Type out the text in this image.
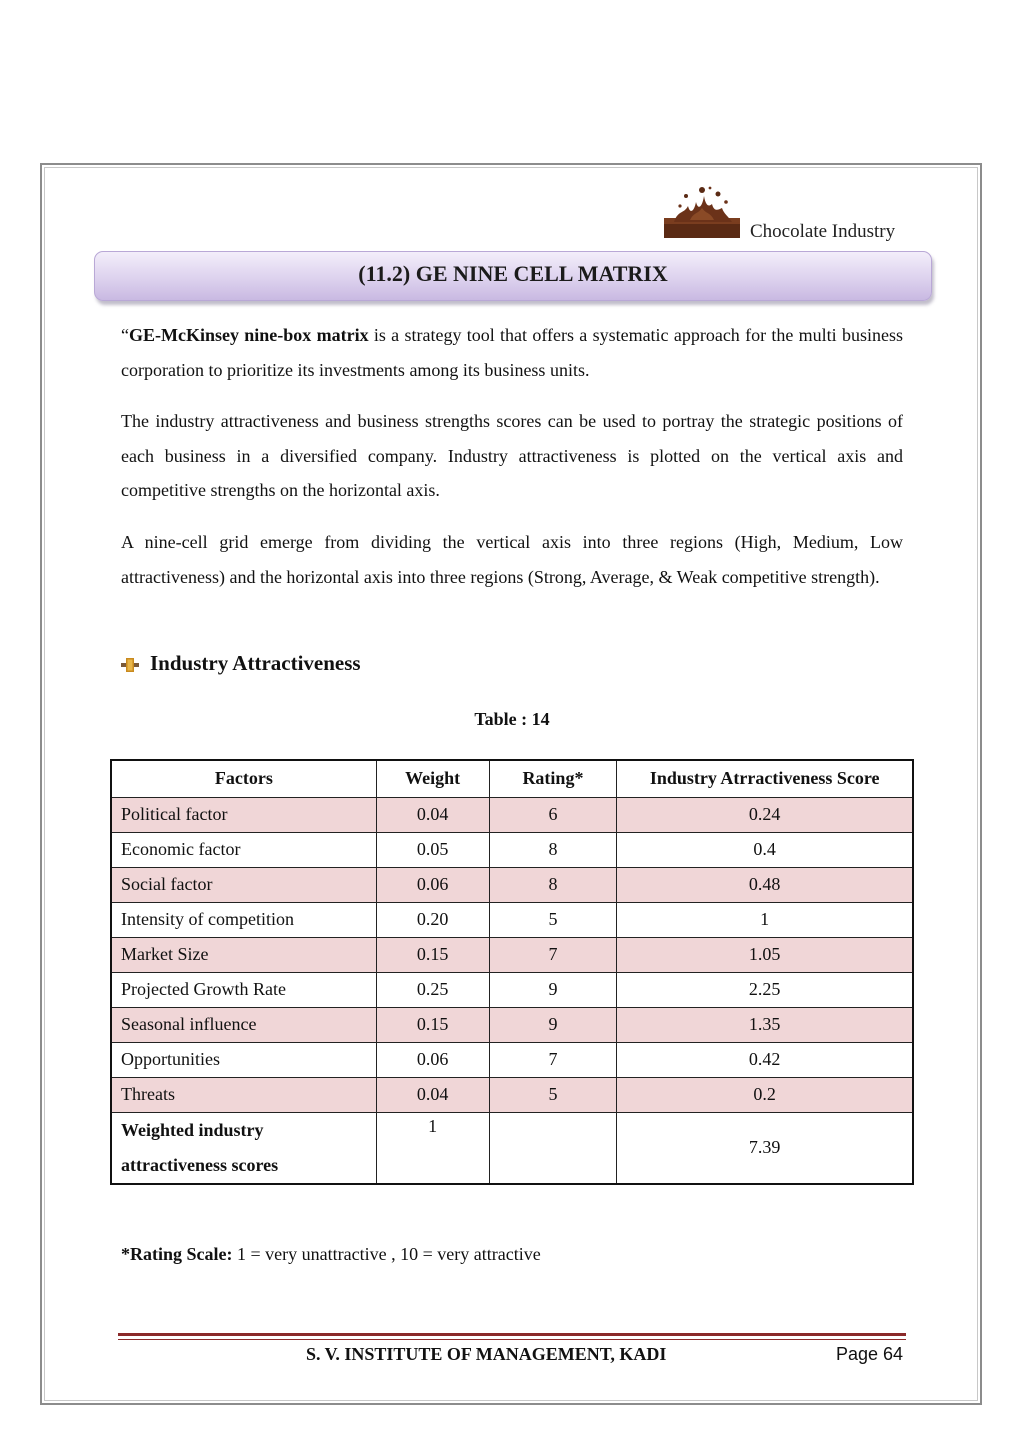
Chocolate Industry
(11.2) GE NINE CELL MATRIX

“GE-McKinsey nine-box matrix is a strategy tool that offers a systematic approach for the multi business corporation to prioritize its investments among its business units.

The industry attractiveness and business strengths scores can be used to portray the strategic positions of each business in a diversified company. Industry attractiveness is plotted on the vertical axis and competitive strengths on the horizontal axis.

A nine-cell grid emerge from dividing the vertical axis into three regions (High, Medium, Low attractiveness) and the horizontal axis into three regions (Strong, Average, & Weak competitive strength).

Industry Attractiveness
Table : 14
Factors	Weight	Rating*	Industry Atrractiveness Score
Political factor	0.04	6	0.24
Economic factor	0.05	8	0.4
Social factor	0.06	8	0.48
Intensity of competition	0.20	5	1
Market Size	0.15	7	1.05
Projected Growth Rate	0.25	9	2.25
Seasonal influence	0.15	9	1.35
Opportunities	0.06	7	0.42
Threats	0.04	5	0.2
Weighted industry
attractiveness scores	1		7.39
*Rating Scale: 1 = very unattractive , 10 = very attractive
S. V. INSTITUTE OF MANAGEMENT, KADI	Page 64
